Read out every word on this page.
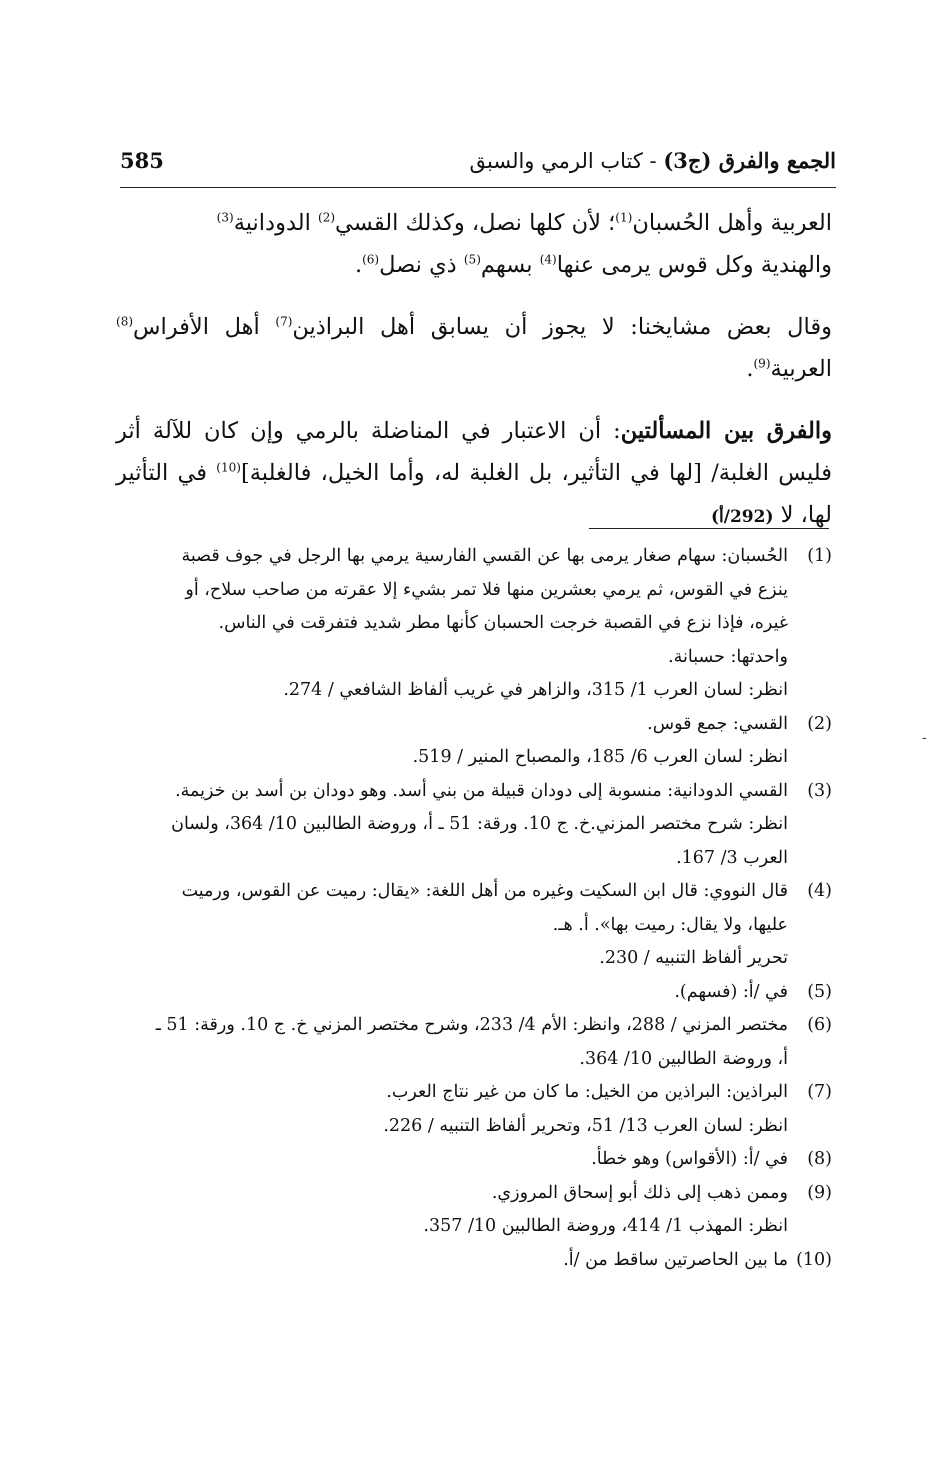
الجمع والفرق (ج3) - كتاب الرمي والسبق
585

العربية وأهل الحُسبان$^{(1)}$؛ لأن كلها نصل، وكذلك القسي$^{(2)}$ الدودانية$^{(3)}$
والهندية وكل قوس يرمى عنها$^{(4)}$ بسهم$^{(5)}$ ذي نصل$^{(6)}$.

وقال بعض مشايخنا: لا يجوز أن يسابق أهل البراذين$^{(7)}$ أهل الأفراس$^{(8)}$ العربية$^{(9)}$.

والفرق بين المسألتين: أن الاعتبار في المناضلة بالرمي وإن كان للآلة أثر فليس الغلبة/ [لها في التأثير، بل الغلبة له، وأما الخيل، فالغلبة]$^{(10)}$ في التأثير لها، لا (292/أ)

(1)
الحُسبان: سهام صغار يرمى بها عن القسي الفارسية يرمي بها الرجل في جوف قصبة
ينزع في القوس، ثم يرمي بعشرين منها فلا تمر بشيء إلا عقرته من صاحب سلاح، أو
غيره، فإذا نزع في القصبة خرجت الحسبان كأنها مطر شديد فتفرقت في الناس.
واحدتها: حسبانة.
انظر: لسان العرب 1/ 315، والزاهر في غريب ألفاظ الشافعي / 274.
(2)
القسي: جمع قوس.
انظر: لسان العرب 6/ 185، والمصباح المنير / 519.
(3)
القسي الدودانية: منسوبة إلى دودان قبيلة من بني أسد. وهو دودان بن أسد بن خزيمة.
انظر: شرح مختصر المزني.خ. ج 10. ورقة: 51 ـ أ، وروضة الطالبين 10/ 364، ولسان
العرب 3/ 167.
(4)
قال النووي: قال ابن السكيت وغيره من أهل اللغة: «يقال: رميت عن القوس، ورميت
عليها، ولا يقال: رميت بها». أ. هـ.
تحرير ألفاظ التنبيه / 230.
(5)
في /أ: (فسهم).
(6)
مختصر المزني / 288، وانظر: الأم 4/ 233، وشرح مختصر المزني خ. ج 10. ورقة: 51 ـ
أ، وروضة الطالبين 10/ 364.
(7)
البراذين: البراذين من الخيل: ما كان من غير نتاج العرب.
انظر: لسان العرب 13/ 51، وتحرير ألفاظ التنبيه / 226.
(8)
في /أ: (الأقواس) وهو خطأ.
(9)
وممن ذهب إلى ذلك أبو إسحاق المروزي.
انظر: المهذب 1/ 414، وروضة الطالبين 10/ 357.
(10)
ما بين الحاصرتين ساقط من /أ.
‑
